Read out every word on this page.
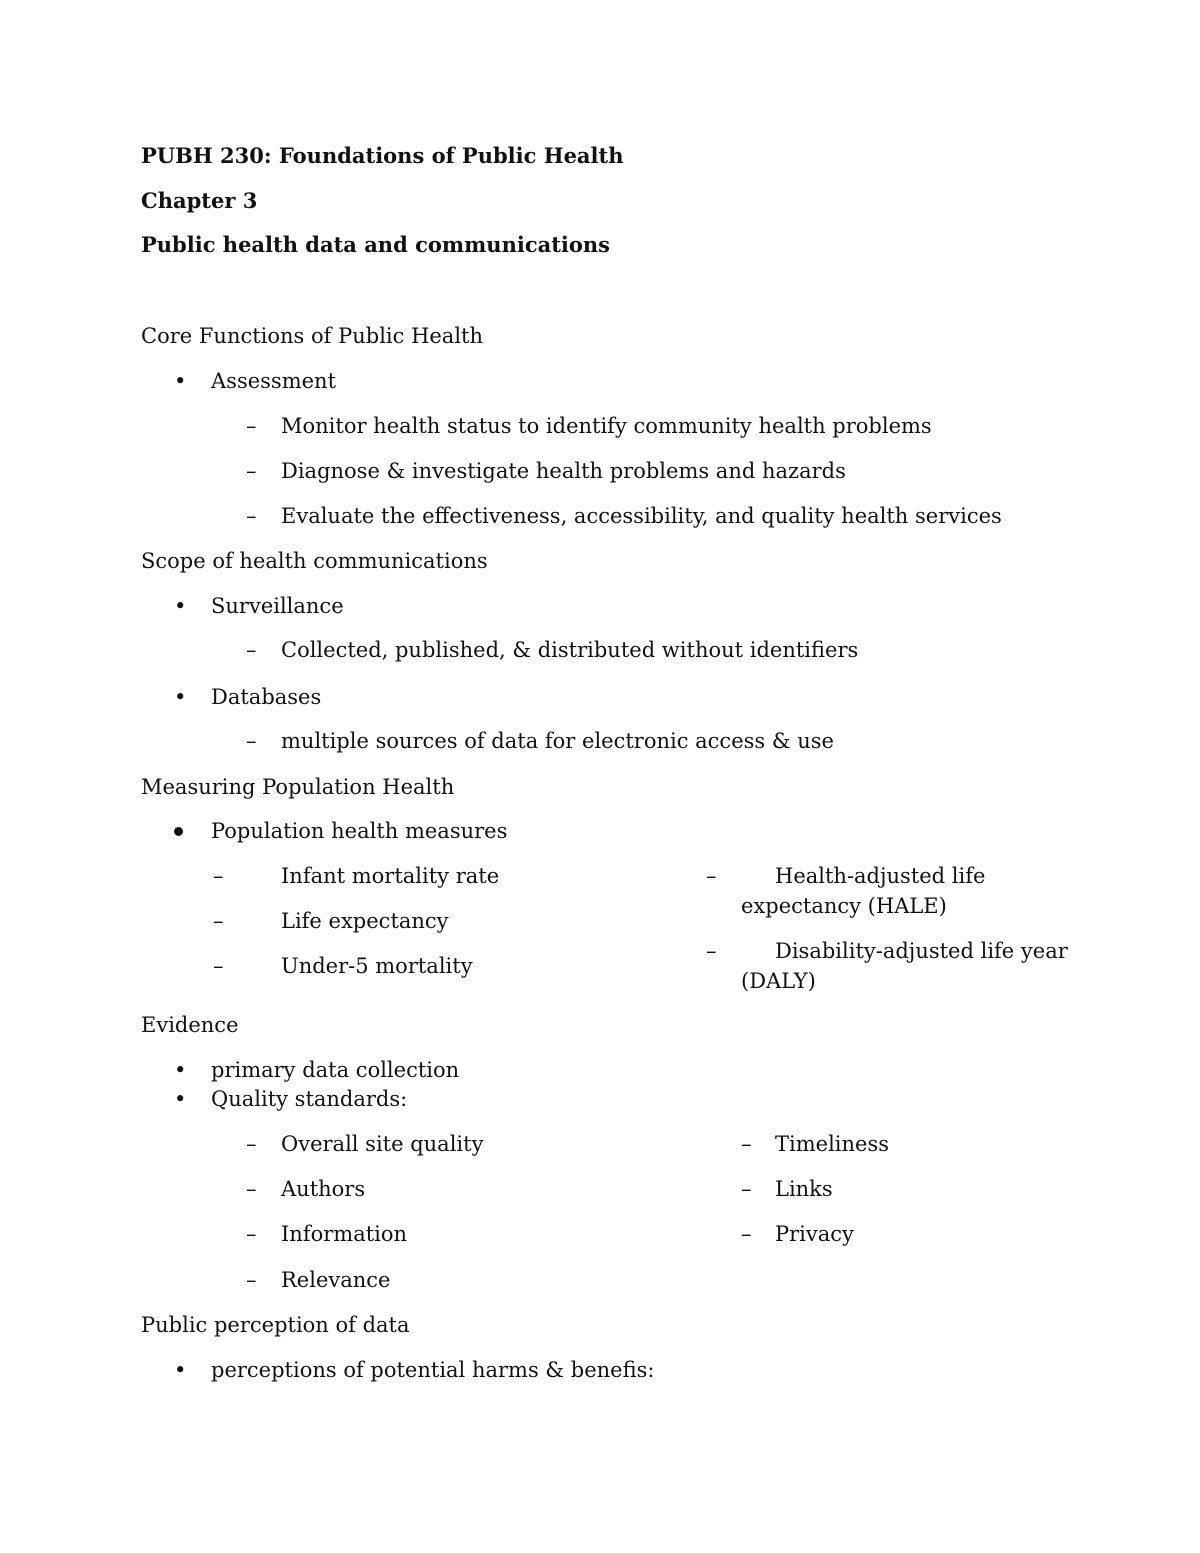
PUBH 230: Foundations of Public Health
Chapter 3
Public health data and communications
Core Functions of Public Health
• Assessment
– Monitor health status to identify community health problems
– Diagnose & investigate health problems and hazards
– Evaluate the effectiveness, accessibility, and quality health services
Scope of health communications
• Surveillance
– Collected, published, & distributed without identifiers
• Databases
– multiple sources of data for electronic access & use
Measuring Population Health
Population health measures
–	Infant mortality rate
–	Life expectancy
–	Under-5 mortality
–	Health-adjusted life
expectancy (HALE)
–	Disability-adjusted life year
(DALY)
Evidence
• primary data collection
• Quality standards:
– Overall site quality
– Authors
– Information
– Relevance
– Timeliness
– Links
– Privacy
Public perception of data
• perceptions of potential harms & benefis:
